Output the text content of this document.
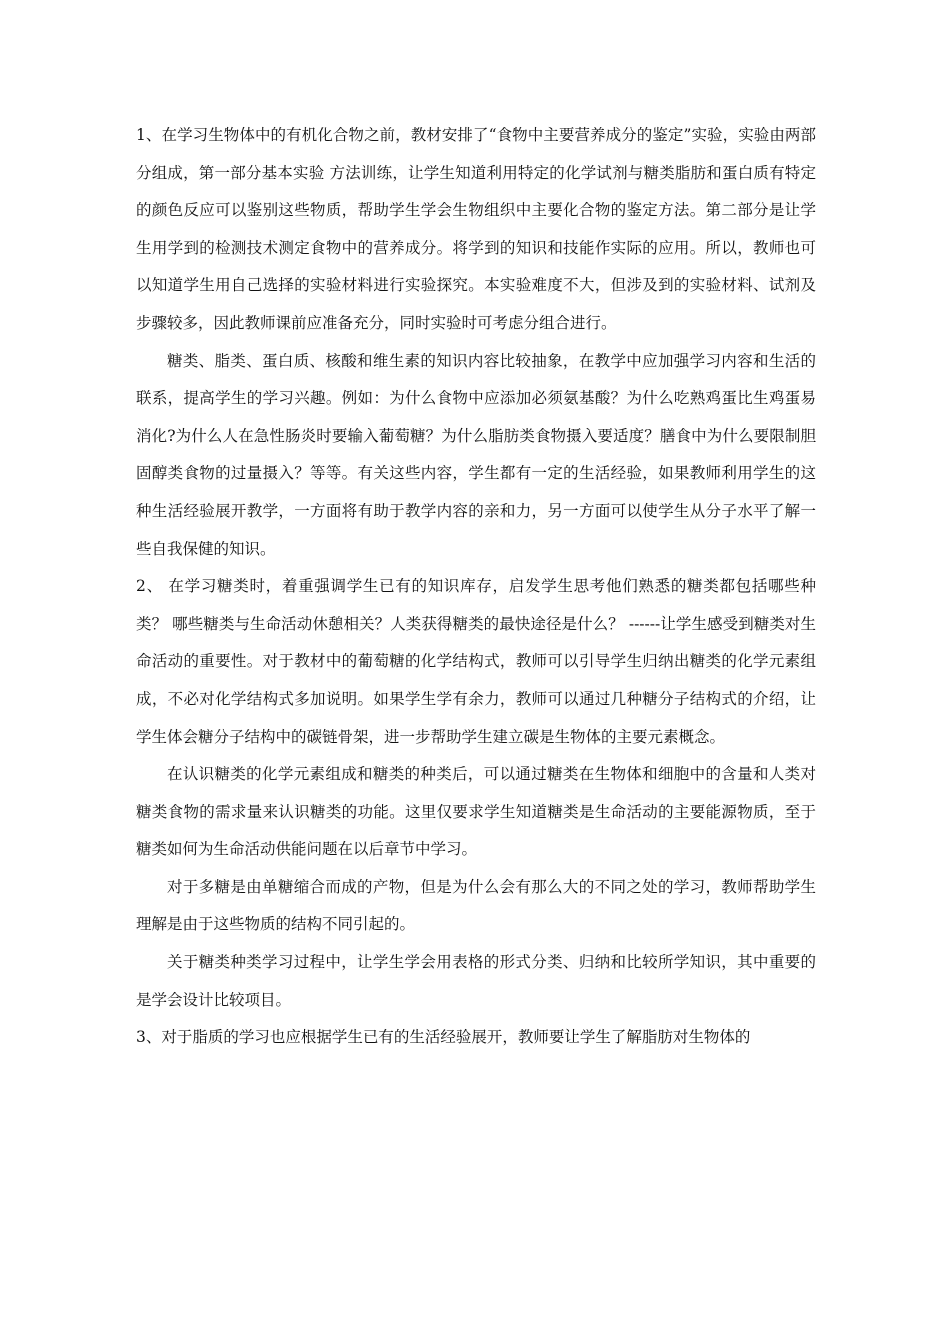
1、在学习生物体中的有机化合物之前，教材安排了“食物中主要营养成分的鉴定”实验，实验由两部分组成，第一部分基本实验 方法训练，让学生知道利用特定的化学试剂与糖类脂肪和蛋白质有特定的颜色反应可以鉴别这些物质，帮助学生学会生物组织中主要化合物的鉴定方法。第二部分是让学生用学到的检测技术测定食物中的营养成分。将学到的知识和技能作实际的应用。所以，教师也可以知道学生用自己选择的实验材料进行实验探究。本实验难度不大，但涉及到的实验材料、试剂及步骤较多，因此教师课前应准备充分，同时实验时可考虑分组合进行。

糖类、脂类、蛋白质、核酸和维生素的知识内容比较抽象，在教学中应加强学习内容和生活的联系，提高学生的学习兴趣。例如：为什么食物中应添加必须氨基酸？为什么吃熟鸡蛋比生鸡蛋易消化?为什么人在急性肠炎时要输入葡萄糖？为什么脂肪类食物摄入要适度？膳食中为什么要限制胆固醇类食物的过量摄入？等等。有关这些内容，学生都有一定的生活经验，如果教师利用学生的这种生活经验展开教学，一方面将有助于教学内容的亲和力，另一方面可以使学生从分子水平了解一些自我保健的知识。

2、 在学习糖类时，着重强调学生已有的知识库存，启发学生思考他们熟悉的糖类都包括哪些种类？ 哪些糖类与生命活动休憩相关？人类获得糖类的最快途径是什么？ ------让学生感受到糖类对生命活动的重要性。对于教材中的葡萄糖的化学结构式，教师可以引导学生归纳出糖类的化学元素组成，不必对化学结构式多加说明。如果学生学有余力，教师可以通过几种糖分子结构式的介绍，让学生体会糖分子结构中的碳链骨架，进一步帮助学生建立碳是生物体的主要元素概念。

在认识糖类的化学元素组成和糖类的种类后，可以通过糖类在生物体和细胞中的含量和人类对糖类食物的需求量来认识糖类的功能。这里仅要求学生知道糖类是生命活动的主要能源物质，至于糖类如何为生命活动供能问题在以后章节中学习。

对于多糖是由单糖缩合而成的产物，但是为什么会有那么大的不同之处的学习，教师帮助学生理解是由于这些物质的结构不同引起的。

关于糖类种类学习过程中，让学生学会用表格的形式分类、归纳和比较所学知识，其中重要的是学会设计比较项目。

3、对于脂质的学习也应根据学生已有的生活经验展开，教师要让学生了解脂肪对生物体的
